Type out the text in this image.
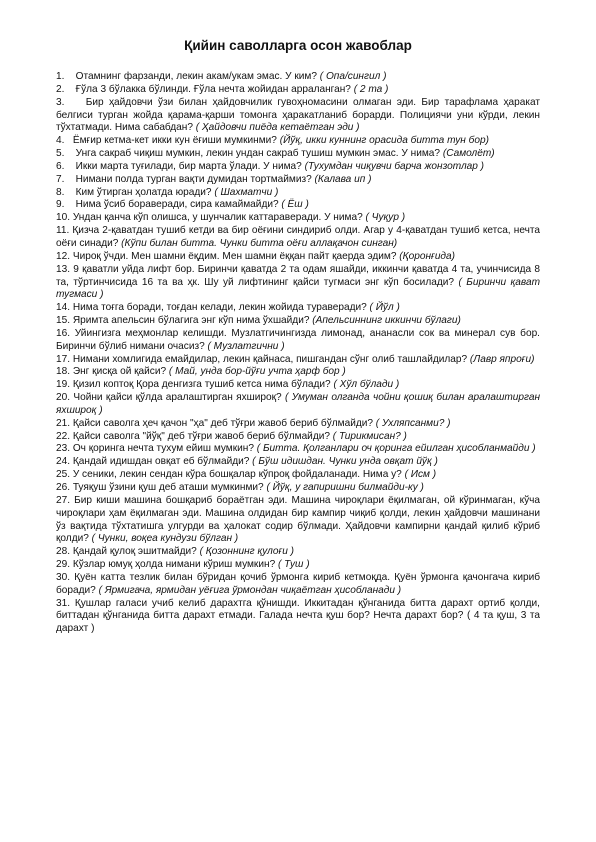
Қийин саволларга осон жавоблар

1.    Отамнинг фарзанди, лекин акам/укам эмас. У ким? ( Опа/сингил )

2.    Ғўла 3 бўлакка бўлинди. Ғўла нечта жойидан арраланган? ( 2 та )

3.    Бир ҳайдовчи ўзи билан ҳайдовчилик гувоҳномасини олмаган эди. Бир тарафлама ҳаракат белгиси турган жойда қарама-қарши томонга ҳаракатланиб борарди. Полициячи уни кўрди, лекин тўхтатмади. Нима сабабдан? ( Ҳайдовчи пиёда кетаётган эди )

4.   Ёмғир кетма-кет икки кун ёғиши мумкинми? (Йўқ, икки куннинг орасида битта тун бор)

5.    Унга сакраб чиқиш мумкин, лекин ундан сакраб тушиш мумкин эмас. У нима? (Самолёт)

6.    Икки марта туғилади, бир марта ўлади. У нима? (Тухумдан чиқувчи барча жонзотлар )

7.    Нимани полда турган вақти думидан тортмаймиз? (Калава ип )

8.    Ким ўтирган ҳолатда юради? ( Шахматчи )

9.    Нима ўсиб бораверади, сира камаймайди? ( Ёш )

10. Ундан қанча кўп олишса, у шунчалик каттаравeрaди. У нима? ( Чуқур )

11. Қизча 2-қаватдан тушиб кетди ва бир оёғини синдириб олди. Агар у 4-қаватдан тушиб кетса, нечта оёғи синади? (Кўпи билан битта. Чунки битта оёғи аллақачон синган)

12. Чироқ ўчди. Мен шамни ёқдим. Мен шамни ёққан пайт қаерда эдим? (Қоронғида)

13. 9 қаватли уйда лифт бор. Биринчи қаватда 2 та одам яшайди, иккинчи қаватда 4 та, учинчисида 8 та, тўртинчисида 16 та ва ҳк. Шу уй лифтининг қайси тугмаси энг кўп босилади? ( Биринчи қават тугмаси )

14. Нима тоғга боради, тоғдан келади, лекин жойида тураверади? ( Йўл )

15. Яримта апельсин бўлагига энг кўп нима ўхшайди? (Апельсиннинг иккинчи бўлаги)

16. Уйингизга меҳмонлар келишди. Музлатгичингизда лимонад, ананасли сок ва минерал сув бор. Биринчи бўлиб нимани очасиз? ( Музлатгични )

17. Нимани хомлигида емайдилар, лекин қайнаса, пишгандан сўнг олиб ташлайдилар? (Лавр япроғи)

18. Энг қисқа ой қайси? ( Май, унда бор-йўғи учта ҳарф бор )

19. Қизил коптоқ Қора денгизга тушиб кетса нима бўлади? ( Хўл бўлади )

20. Чойни қайси қўлда аралаштирган яхшироқ? ( Умуман олганда чойни қошиқ билан аралаштирган яхшироқ )

21. Қайси саволга ҳеч қачон "ҳа" деб тўғри жавоб бериб бўлмайди? ( Ухляпсанми? )

22. Қайси саволга "йўқ" деб тўғри жавоб бериб бўлмайди? ( Тирикмисан? )

23. Оч қоринга нечта тухум ейиш мумкин? ( Битта. Қолганлари оч қоринга ейилган ҳисобланмайди )

24. Қандай идишдан овқат еб бўлмайди? ( Бўш идишдан. Чунки унда овқат йўқ )

25. У сеники, лекин сендан кўра бошқалар кўпроқ фойдаланади. Нима у? ( Исм )

26. Туяқуш ўзини қуш деб аташи мумкинми? ( Йўқ, у гапиришни билмайди-ку )

27. Бир киши машина бошқариб бораётган эди. Машина чироқлари ёқилмаган, ой кўринмаган, кўча чироқлари ҳам ёқилмаган эди. Машина олдидан бир кампир чиқиб қолди, лекин ҳайдовчи машинани ўз вақтида тўхтатишга улгурди ва ҳалокат содир бўлмади. Ҳайдовчи кампирни қандай қилиб кўриб қолди? ( Чунки, воқеа кундузи бўлган )

28. Қандай қулоқ эшитмайди? ( Қозоннинг қулоғи )

29. Кўзлар юмуқ ҳолда нимани кўриш мумкин? ( Туш )

30. Қуён катта тезлик билан бўридан қочиб ўрмонга кириб кетмоқда. Қуён ўрмонга қачонгача кириб боради? ( Ярмигача, ярмидан уёғига ўрмондан чиқаётган ҳисобланади )

31. Қушлар галаси учиб келиб дарахтга қўнишди. Иккитадан қўнганида битта дарахт ортиб қолди, биттадан қўнганида битта дарахт етмади. Галада нечта қуш бор? Нечта дарахт бор? ( 4 та қуш, 3 та дарахт )
